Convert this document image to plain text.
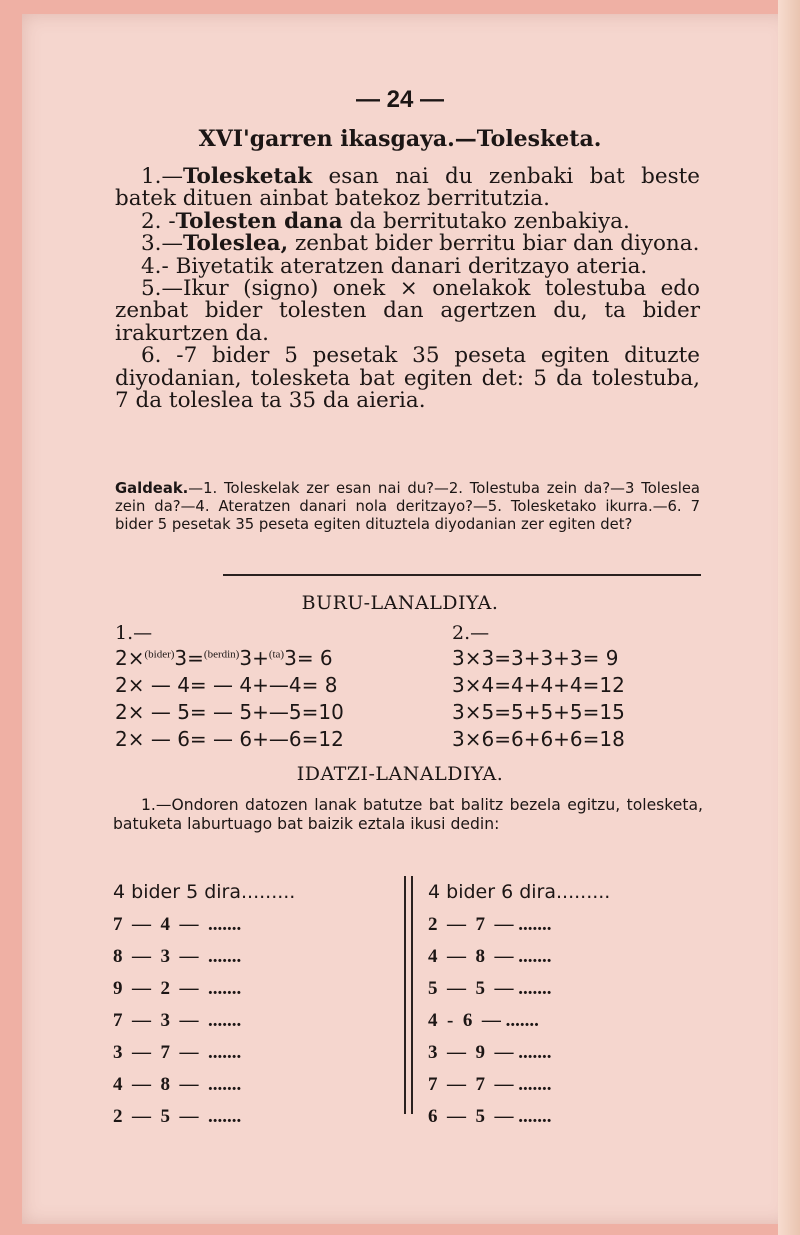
— 24 —
XVI'garren ikasgaya.—Tolesketa.

1.—Tolesketak esan nai du zenbaki bat beste batek dituen ainbat batekoz berritutzia.

2. -Tolesten dana da berritutako zenbakiya.

3.—Toleslea, zenbat bider berritu biar dan diyona.

4.- Biyetatik ateratzen danari deritzayo ateria.

5.—Ikur (signo) onek × onelakok tolestuba edo zenbat bider tolesten dan agertzen du, ta bider irakurtzen da.

6. -7 bider 5 pesetak 35 peseta egiten dituzte diyodanian, tolesketa bat egiten det: 5 da tolestuba, 7 da toleslea ta 35 da aieria.

Galdeak.—1. Toleskelak zer esan nai du?—2. Tolestuba zein da?—3 Toleslea zein da?—4. Ateratzen danari nola deritzayo?—5. Tolesketako ikurra.—6. 7 bider 5 pesetak 35 peseta egiten dituztela diyodanian zer egiten det?
BURU-LANALDIYA.
1.—	2.—
2×$^{(bider)}$3=$^{(berdin)}$3+$^{(ta)}$3= 6
2× — 4= — 4+—4= 8
2× — 5= — 5+—5=10
2× — 6= — 6+—6=12
3×3=3+3+3= 9
3×4=4+4+4=12
3×5=5+5+5=15
3×6=6+6+6=18
IDATZI-LANALDIYA.

1.—Ondoren datozen lanak batutze bat balitz bezela egitzu, tolesketa, batuketa laburtuago bat baizik eztala ikusi dedin:

4 bider 5 dira.........
7  —  4  —  .......
8  —  3  —  .......
9  —  2  —  .......
7  —  3  —  .......
3  —  7  —  .......
4  —  8  —  .......
2  —  5  —  .......
4 bider 6 dira.........
2  —  7  — .......
4  —  8  — .......
5  —  5  — .......
4  -  6  — .......
3  —  9  — .......
7  —  7  — .......
6  —  5  — .......
